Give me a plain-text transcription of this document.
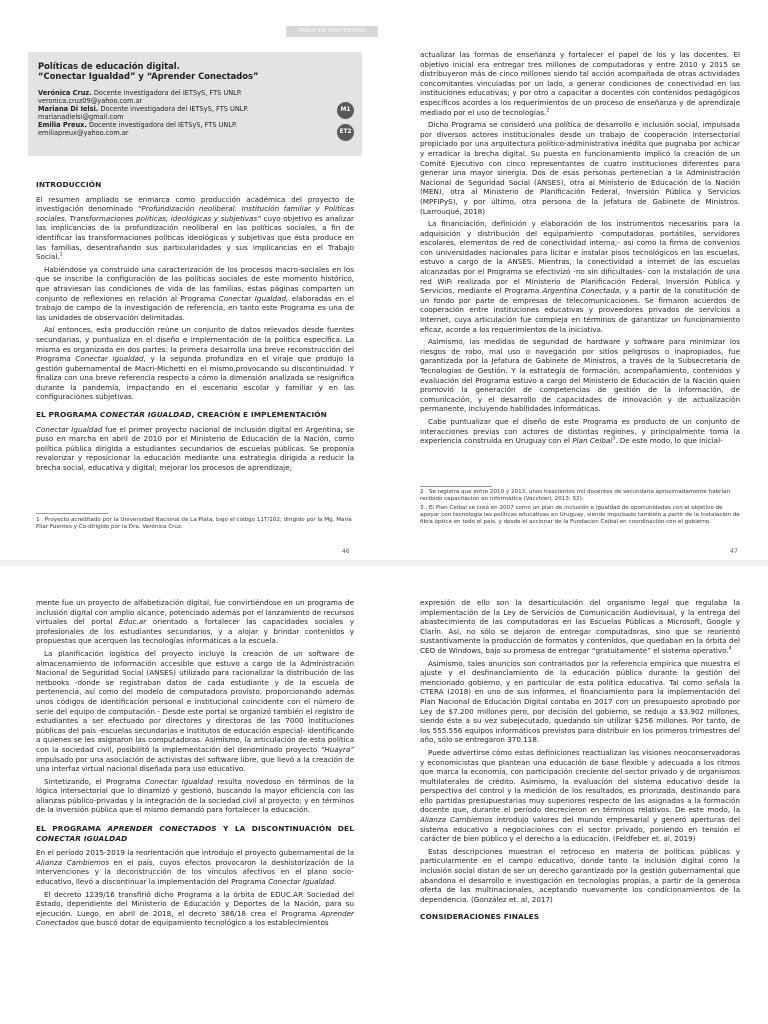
TABLA DE CONTENIDOS
Políticas de educación digital.
“Conectar Igualdad” y “Aprender Conectados”
Verónica Cruz. Docente investigadora del IETSyS, FTS UNLP.
veronica.cruz09@yahoo.com.ar
Mariana Di Ielsi. Docente investigadora del IETSyS, FTS UNLP.
marianadielsi@gmail.com
Emilia Preux. Docente investigadora del IETSyS, FTS UNLP.
emiliapreux@yahoo.com.ar
M1
ET2
INTRODUCCIÓN

El resumen ampliado se enmarca como producción académica del proyecto de investigación denominado “Profundización neoliberal: Institución familiar y Políticas sociales. Transformaciones políticas, ideológicas y subjetivas” cuyo objetivo es analizar las implicancias de la profundización neoliberal en las políticas sociales, a fin de identificar las transformaciones políticas ideológicas y subjetivas que ésta produce en las familias, desentrañando sus particularidades y sus implicancias en el Trabajo Social.$^1$

Habiéndose ya construido una caracterización de los procesos macro-sociales en los que se inscribe la configuración de las políticas sociales de este momento histórico, que atraviesan las condiciones de vida de las familias, estas páginas comparten un conjunto de reflexiones en relación al Programa Conectar Igualdad, elaboradas en el trabajo de campo de la investigación de referencia, en tanto este Programa es una de las unidades de observación delimitadas.

Así entonces, esta producción reúne un conjunto de datos relevados desde fuentes secundarias, y puntualiza en el diseño e implementación de la política específica. La misma es organizada en dos partes: la primera desarrolla una breve reconstrucción del Programa Conectar Igualdad, y la segunda profundiza en el viraje que produjo la gestión gubernamental de Macri-Michetti en el mismo,provocando su discontinuidad. Y finaliza con una breve referencia respecto a cómo la dimensión analizada se resignifica durante la pandemia, impactando en el escenario escolar y familiar y en las configuraciones subjetivas.

EL PROGRAMA CONECTAR IGUALDAD, CREACIÓN E IMPLEMENTACIÓN

Conectar Igualdad fue el primer proyecto nacional de inclusión digital en Argentina; se puso en marcha en abril de 2010 por el Ministerio de Educación de la Nación, como política pública dirigida a estudiantes secundarios de escuelas públicas. Se proponía revalorizar y reposicionar la educación mediante una estrategia dirigida a reducir la brecha social, educativa y digital; mejorar los procesos de aprendizaje;

1 . Proyecto acreditado por la Universidad Nacional de La Plata, bajo el código 11T/102; dirigido por la Mg. María Pilar Fuentes y Co-dirigido por la Dra. Verónica Cruz.
46

actualizar las formas de enseñanza y fortalecer el papel de los y las docentes. El objetivo inicial era entregar tres millones de computadoras y entre 2010 y 2015 se distribuyeron más de cinco millones siendo tal acción acompañada de otras actividades concomitantes vinculadas por un lado, a generar condiciones de conectividad en las instituciones educativas; y por otro a capacitar a docentes con contenidos pedagógicos específicos acordes a los requerimientos de un proceso de enseñanza y de aprendizaje mediado por el uso de tecnologías.$^2$

Dicho Programa se consideró una política de desarrollo e inclusión social, impulsada por diversos actores institucionales desde un trabajo de cooperación intersectorial propiciado por una arquitectura político-administrativa inédita que pugnaba por achicar y erradicar la brecha digital. Su puesta en funcionamiento implicó la creación de un Comité Ejecutivo con cinco representantes de cuatro instituciones diferentes para generar una mayor sinergia. Dos de esas personas pertenecían a la Administración Nacional de Seguridad Social (ANSES), otra al Ministerio de Educación de la Nación (MEN), otra al Ministerio de Planificación Federal, Inversión Pública y Servicios (MPFIPyS), y por último, otra persona de la Jefatura de Gabinete de Ministros. (Larrouqué, 2018)

La financiación, definición y elaboración de los instrumentos necesarios para la adquisición y distribución del equipamiento -computadoras portátiles, servidores escolares, elementos de red de conectividad interna;- así como la firma de convenios con universidades nacionales para licitar e instalar pisos tecnológicos en las escuelas, estuvo a cargo de la ANSES. Mientras, la conectividad a internet de las escuelas alcanzadas por el Programa se efectivizó -no sin dificultades- con la instalación de una red WiFi realizada por el Ministerio de Planificación Federal, Inversión Pública y Servicios, mediante el Programa Argentina Conectada, y a partir de la constitución de un fondo por parte de empresas de telecomunicaciones. Se firmaron acuerdos de cooperación entre instituciones educativas y proveedores privados de servicios a Internet, cuya articulación fue compleja en términos de garantizar un funcionamiento eficaz, acorde a los requerimientos de la iniciativa.

Asimismo, las medidas de seguridad de hardware y software para minimizar los riesgos de robo, mal uso o navegación por sitios peligrosos o inapropiados, fue garantizada por la Jefatura de Gabinete de Ministros, a través de la Subsecretaría de Tecnologías de Gestión. Y la estrategia de formación, acompañamiento, contenidos y evaluación del Programa estuvo a cargo del Ministerio de Educación de la Nación quien promovió la generación de competencias de gestión de la información, de comunicación, y el desarrollo de capacidades de innovación y de actualización permanente, incluyendo habilidades informáticas.

Cabe puntualizar que el diseño de este Programa es producto de un conjunto de interacciones previas con actores de distintas regiones, y principalmente toma la experiencia construida en Uruguay con el Plan Ceibal$^3$. De este modo, lo que inicial-

2 . Se registra que entre 2010 y 2013, unos trescientos mil docentes de secundaria aproximadamente habrían recibido capacitación en informática (Vacchieri, 2013: 52).
3 . El Plan Ceibal se creó en 2007 como un plan de inclusión e igualdad de oportunidades con el objetivo de apoyar con tecnología las políticas educativas en Uruguay, siendo impulsado también a partir de la instalación de fibra óptica en todo el país, y desde el accionar de la Fundación Ceibal en coordinación con el gobierno.
47

mente fue un proyecto de alfabetización digital, fue convirtiéndose en un programa de inclusión digital con amplio alcance, potenciado además por el lanzamiento de recursos virtuales del portal Educ.ar orientado a fortalecer las capacidades sociales y profesionales de los estudiantes secundarios, y a alojar y brindar contenidos y propuestas que acerquen las tecnologías informáticas a la escuela.

La planificación logística del proyecto incluyó la creación de un software de almacenamiento de información accesible que estuvo a cargo de la Administración Nacional de Seguridad Social (ANSES) utilizado para racionalizar la distribución de las netbooks -donde se registraban datos de cada estudiante y de la escuela de pertenencia, así como del modelo de computadora provisto, proporcionando además unos códigos de identificación personal e institucional coincidente con el número de serie del equipo de computación.- Desde este portal se organizó también el registro de estudiantes a ser efectuado por directores y directoras de las 7000 instituciones públicas del país -escuelas secundarias e institutos de educación especial- identificando a quienes se les asignaron las computadoras. Asimismo, la articulación de esta política con la sociedad civil, posibilitó la implementación del denominado proyecto “Huayra” impulsado por una asociación de activistas del software libre, que llevó a la creación de una interfaz virtual nacional diseñada para uso educativo.

Sintetizando, el Programa Conectar Igualdad resulta novedoso en términos de la lógica intersectorial que lo dinamizó y gestionó, buscando la mayor eficiencia con las alianzas público-privadas y la integración de la sociedad civil al proyecto; y en términos de la inversión pública que el mismo demandó para fortalecer la educación.

EL PROGRAMA APRENDER CONECTADOS Y LA DISCONTINUACIÓN DEL CONECTAR IGUALDAD

En el período 2015-2019 la reorientación que introdujo el proyecto gubernamental de la Alianza Cambiemos en el país, cuyos efectos provocaron la deshistorización de la intervenciones y la deconstrucción de los vínculos afectivos en el plano socio-educativo, llevó a discontinuar la implementación del Programa Conectar Igualdad.

El decreto 1239/16 transfirió dicho Programa a la órbita de EDUC.AR Sociedad del Estado, dependiente del Ministerio de Educación y Deportes de la Nación, para su ejecución. Luego, en abril de 2018, el decreto 386/18 crea el Programa Aprender Conectados que buscó dotar de equipamiento tecnológico a los establecimientos

expresión de ello son la desarticulación del organismo legal que regulaba la implementación de la Ley de Servicios de Comunicación Audiovisual, y la entrega del abastecimiento de las computadoras en las Escuelas Públicas a Microsoft, Google y Clarín. Así, no sólo se dejaron de entregar computadoras, sino que se reorientó sustantivamente la producción de formatos y contenidos, que quedaban en la órbita del CEO de Windows, bajo su promesa de entregar “gratuitamente” el sistema operativo.$^4$

Asimismo, tales anuncios son contrariados por la referencia empírica que muestra el ajuste y el desfinanciamiento de la educación pública durante la gestión del mencionado gobierno, y en particular de esta política educativa. Tal como señala la CTERA (2018) en uno de sus informes, el financiamiento para la implementación del Plan Nacional de Educación Digital contaba en 2017 con un presupuesto aprobado por Ley de $7.200 millones pero, por decisión del gobierno, se redujo a $3.902 millones, siendo éste a su vez subejecutado, quedando sin utilizar $256 millones. Por tanto, de los 555.556 equipos informáticos previstos para distribuir en los primeros trimestres del año, sólo se entregaron 370.118.

Puede advertirse cómo estas definiciones reactualizan las visiones neoconservadoras y economicistas que plantean una educación de base flexible y adecuada a los ritmos que marca la economía, con participación creciente del sector privado y de organismos multilaterales de crédito. Asimismo, la evaluación del sistema educativo desde la perspectiva del control y la medición de los resultados, es priorizada, destinando para ello partidas presupuestarias muy superiores respecto de las asignadas a la formación docente que, durante el período decrecieron en términos relativos. De este modo, la Alianza Cambiemos introdujo valores del mundo empresarial y generó aperturas del sistema educativo a negociaciones con el sector privado, poniendo en tensión el carácter de bien público y el derecho a la educación. (Feldfeber et. al, 2019)

Estas descripciones muestran el retroceso en materia de políticas públicas y particularmente en el campo educativo, donde tanto la inclusión digital como la inclusión social distan de ser un derecho garantizado por la gestión gubernamental que abandona el desarrollo e investigación en tecnologías propias, a partir de la generosa oferta de las multinacionales, aceptando nuevamente los condicionamientos de la dependencia. (González et. al, 2017)

CONSIDERACIONES FINALES
